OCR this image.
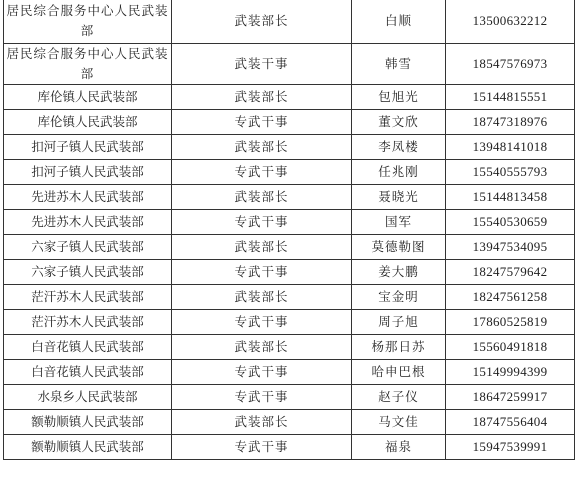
居民综合服务中心人民武装部	武装部长	白顺	13500632212
居民综合服务中心人民武装部	武装干事	韩雪	18547576973
库伦镇人民武装部	武装部长	包旭光	15144815551
库伦镇人民武装部	专武干事	董文欣	18747318976
扣河子镇人民武装部	武装部长	李凤楼	13948141018
扣河子镇人民武装部	专武干事	任兆刚	15540555793
先进苏木人民武装部	武装部长	聂晓光	15144813458
先进苏木人民武装部	专武干事	国军	15540530659
六家子镇人民武装部	武装部长	莫德勒图	13947534095
六家子镇人民武装部	专武干事	姜大鹏	18247579642
茫汗苏木人民武装部	武装部长	宝金明	18247561258
茫汗苏木人民武装部	专武干事	周子旭	17860525819
白音花镇人民武装部	武装部长	杨那日苏	15560491818
白音花镇人民武装部	专武干事	哈申巴根	15149994399
水泉乡人民武装部	专武干事	赵子仪	18647259917
额勒顺镇人民武装部	武装部长	马文佳	18747556404
额勒顺镇人民武装部	专武干事	福泉	15947539991
